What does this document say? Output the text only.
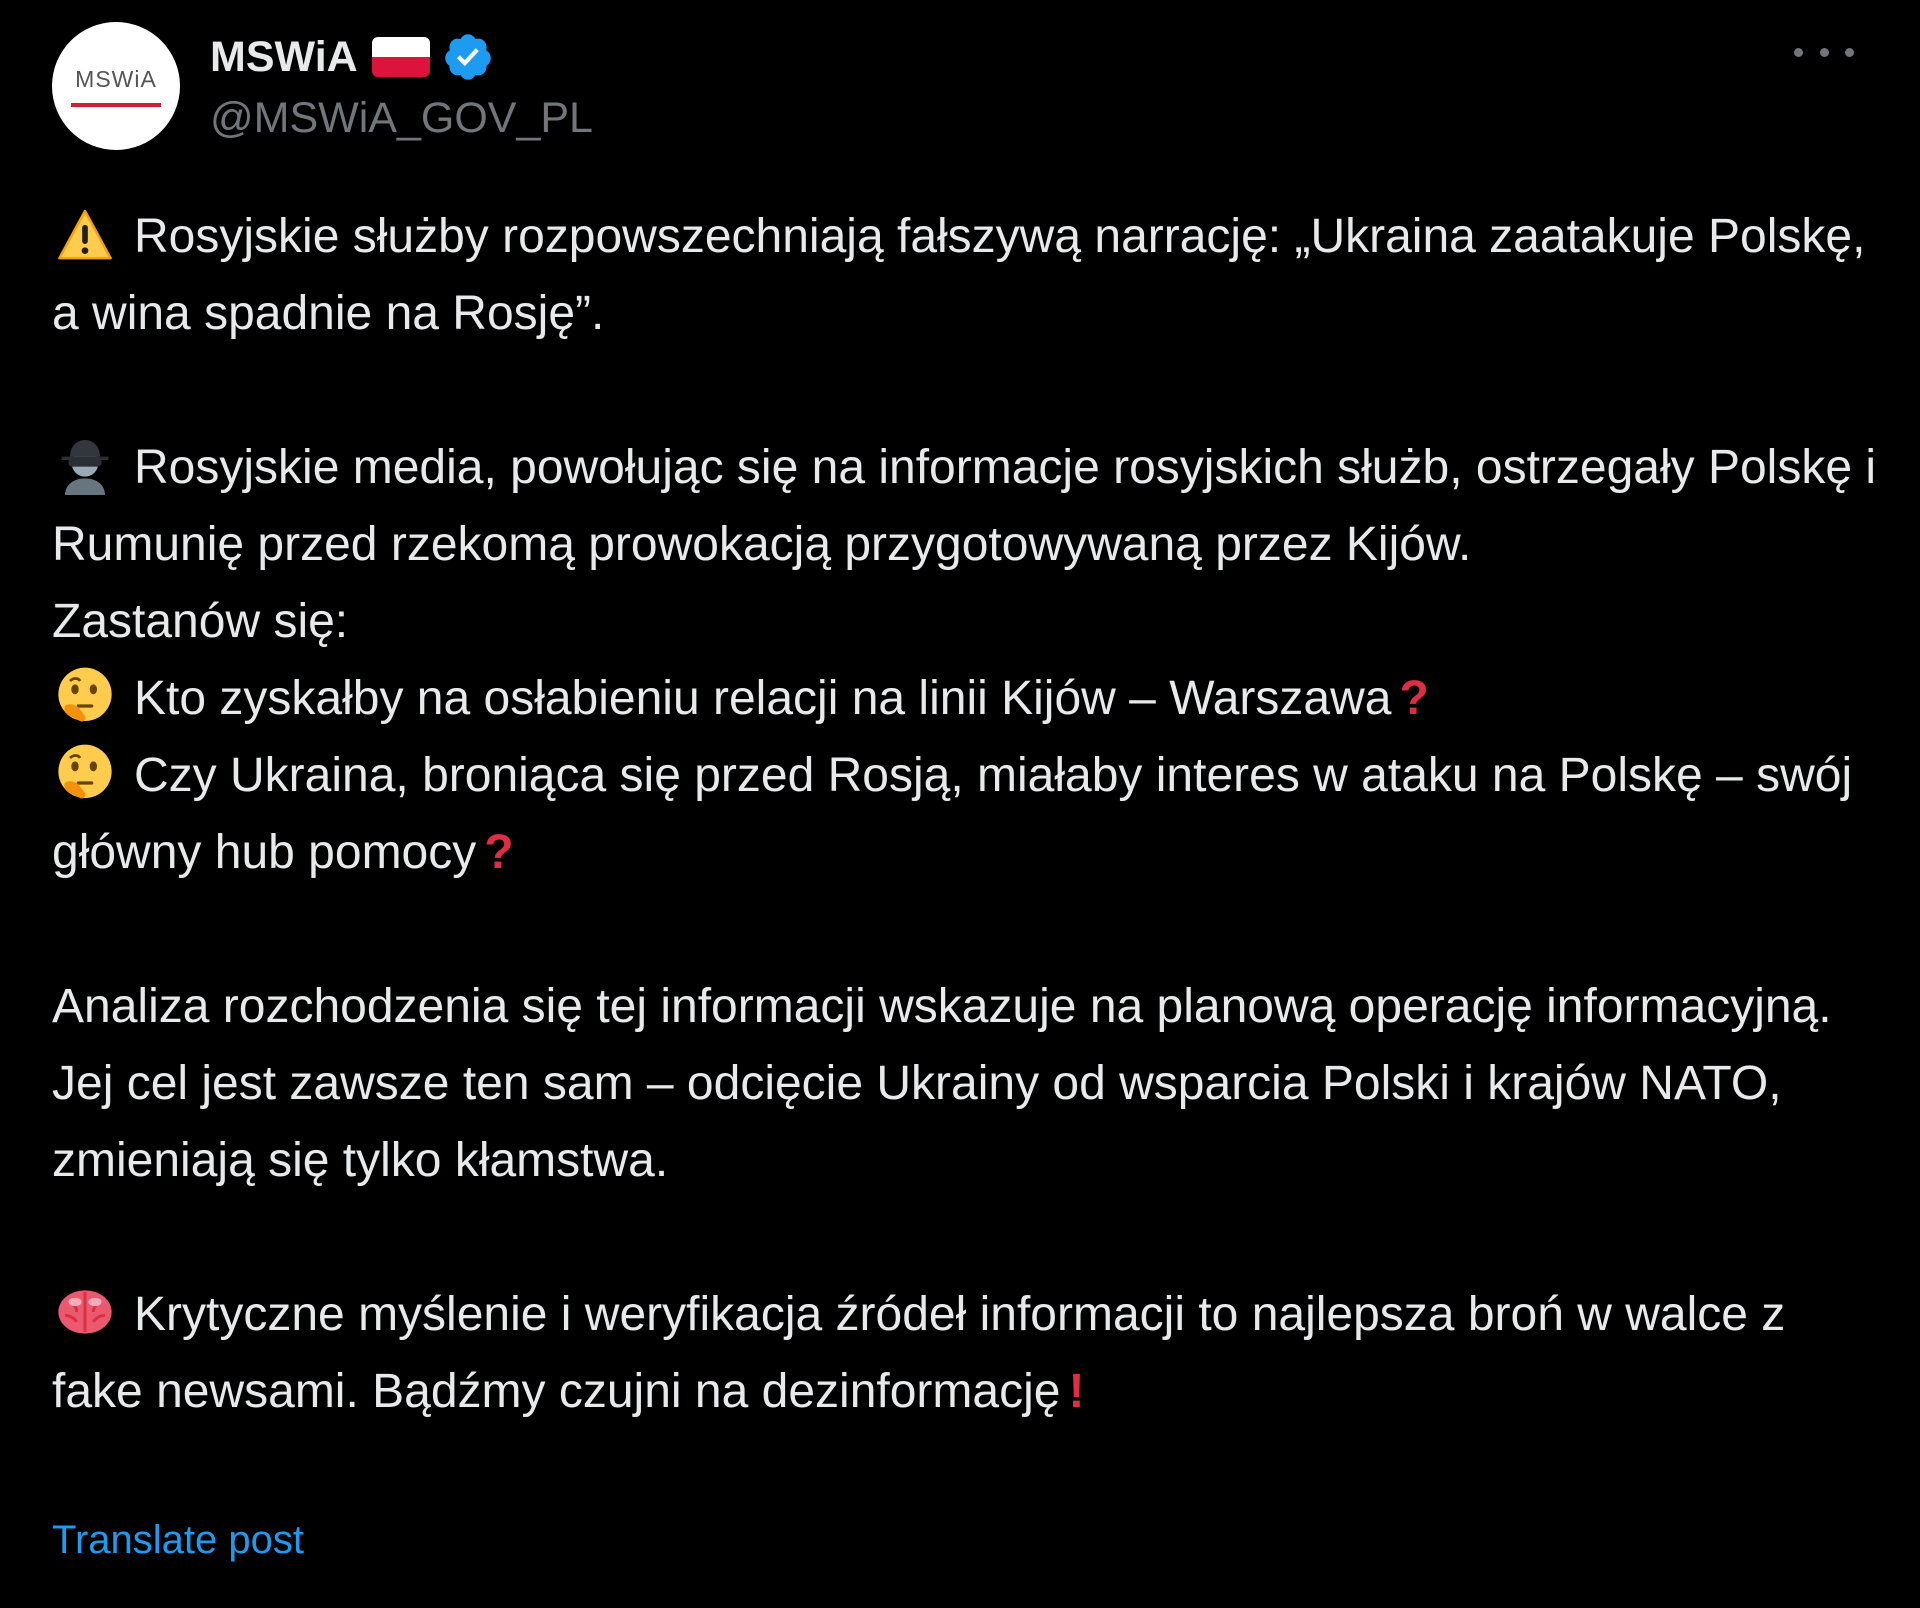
MSWiA	MSWiA
@MSWiA_GOV_PL

Rosyjskie służby rozpowszechniają fałszywą narrację: „Ukraina zaatakuje Polskę, a wina spadnie na Rosję”.

Rosyjskie media, powołując się na informacje rosyjskich służb, ostrzegały Polskę i Rumunię przed rzekomą prowokacją przygotowywaną przez Kijów.

Zastanów się:

Kto zyskałby na osłabieniu relacji na linii Kijów – Warszawa ?

Czy Ukraina, broniąca się przed Rosją, miałaby interes w ataku na Polskę – swój główny hub pomocy ?

Analiza rozchodzenia się tej informacji wskazuje na planową operację informacyjną. Jej cel jest zawsze ten sam – odcięcie Ukrainy od wsparcia Polski i krajów NATO, zmieniają się tylko kłamstwa.

Krytyczne myślenie i weryfikacja źródeł informacji to najlepsza broń w walce z fake newsami. Bądźmy czujni na dezinformację !

Translate post
